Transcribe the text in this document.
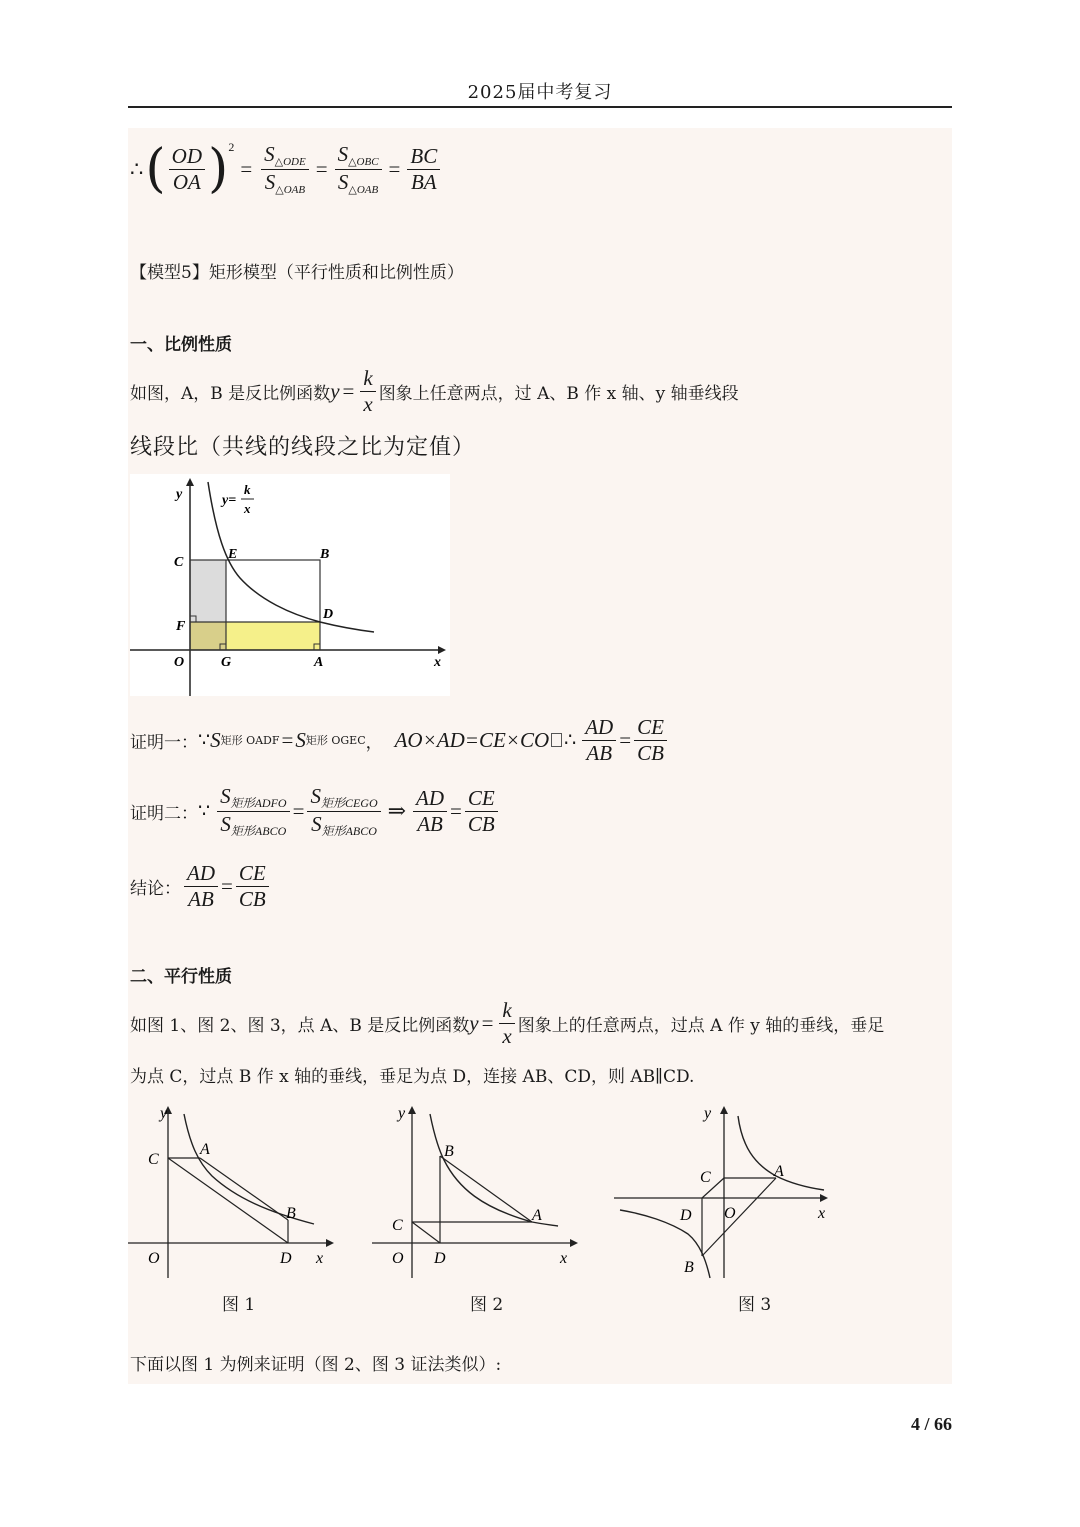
2025届中考复习
∴ ( $\frac{OD}{OA}$ ) 2
= $\frac{S_{\triangle ODE}}{S_{\triangle OAB}} = \frac{S_{\triangle OBC}}{S_{\triangle OAB}} = \frac{BC}{BA}$
【模型5】矩形模型（平行性质和比例性质）
一、比例性质
如图，A，B 是反比例函数 $y = \frac{k}{x}$ 图象上任意两点，过 A、B 作 x 轴、y 轴垂线段
线段比（共线的线段之比为定值）
y	y=
k
x
C
E	B
D
F
O	G	A	x
证明一： ∵ S 矩形 OADF = S 矩形 OGEC ， AO×AD=CE×CO ∴ $\frac{AD}{AB} = \frac{CE}{CB}$
证明二： ∵ $\frac{\text{S矩形ADFO}}{\text{S矩形ABCO}} = \frac{\text{S矩形CEGO}}{\text{S矩形ABCO}}$ ⇒ $\frac{AD}{AB} = \frac{CE}{CB}$
结论： $\frac{AD}{AB} = \frac{CE}{CB}$
二、平行性质
如图 1、图 2、图 3，点 A、B 是反比例函数 $y = \frac{k}{x}$ 图象上的任意两点，过点 A 作 y 轴的垂线，垂足
为点 C，过点 B 作 x 轴的垂线，垂足为点 D，连接 AB、CD，则 AB∥CD.
y
C
A
B
O	D x
图 1
y
B
C
A
O D	x
图 2
y
C	A
D O	x
B
图 3
下面以图 1 为例来证明（图 2、图 3 证法类似）:
4 / 66
